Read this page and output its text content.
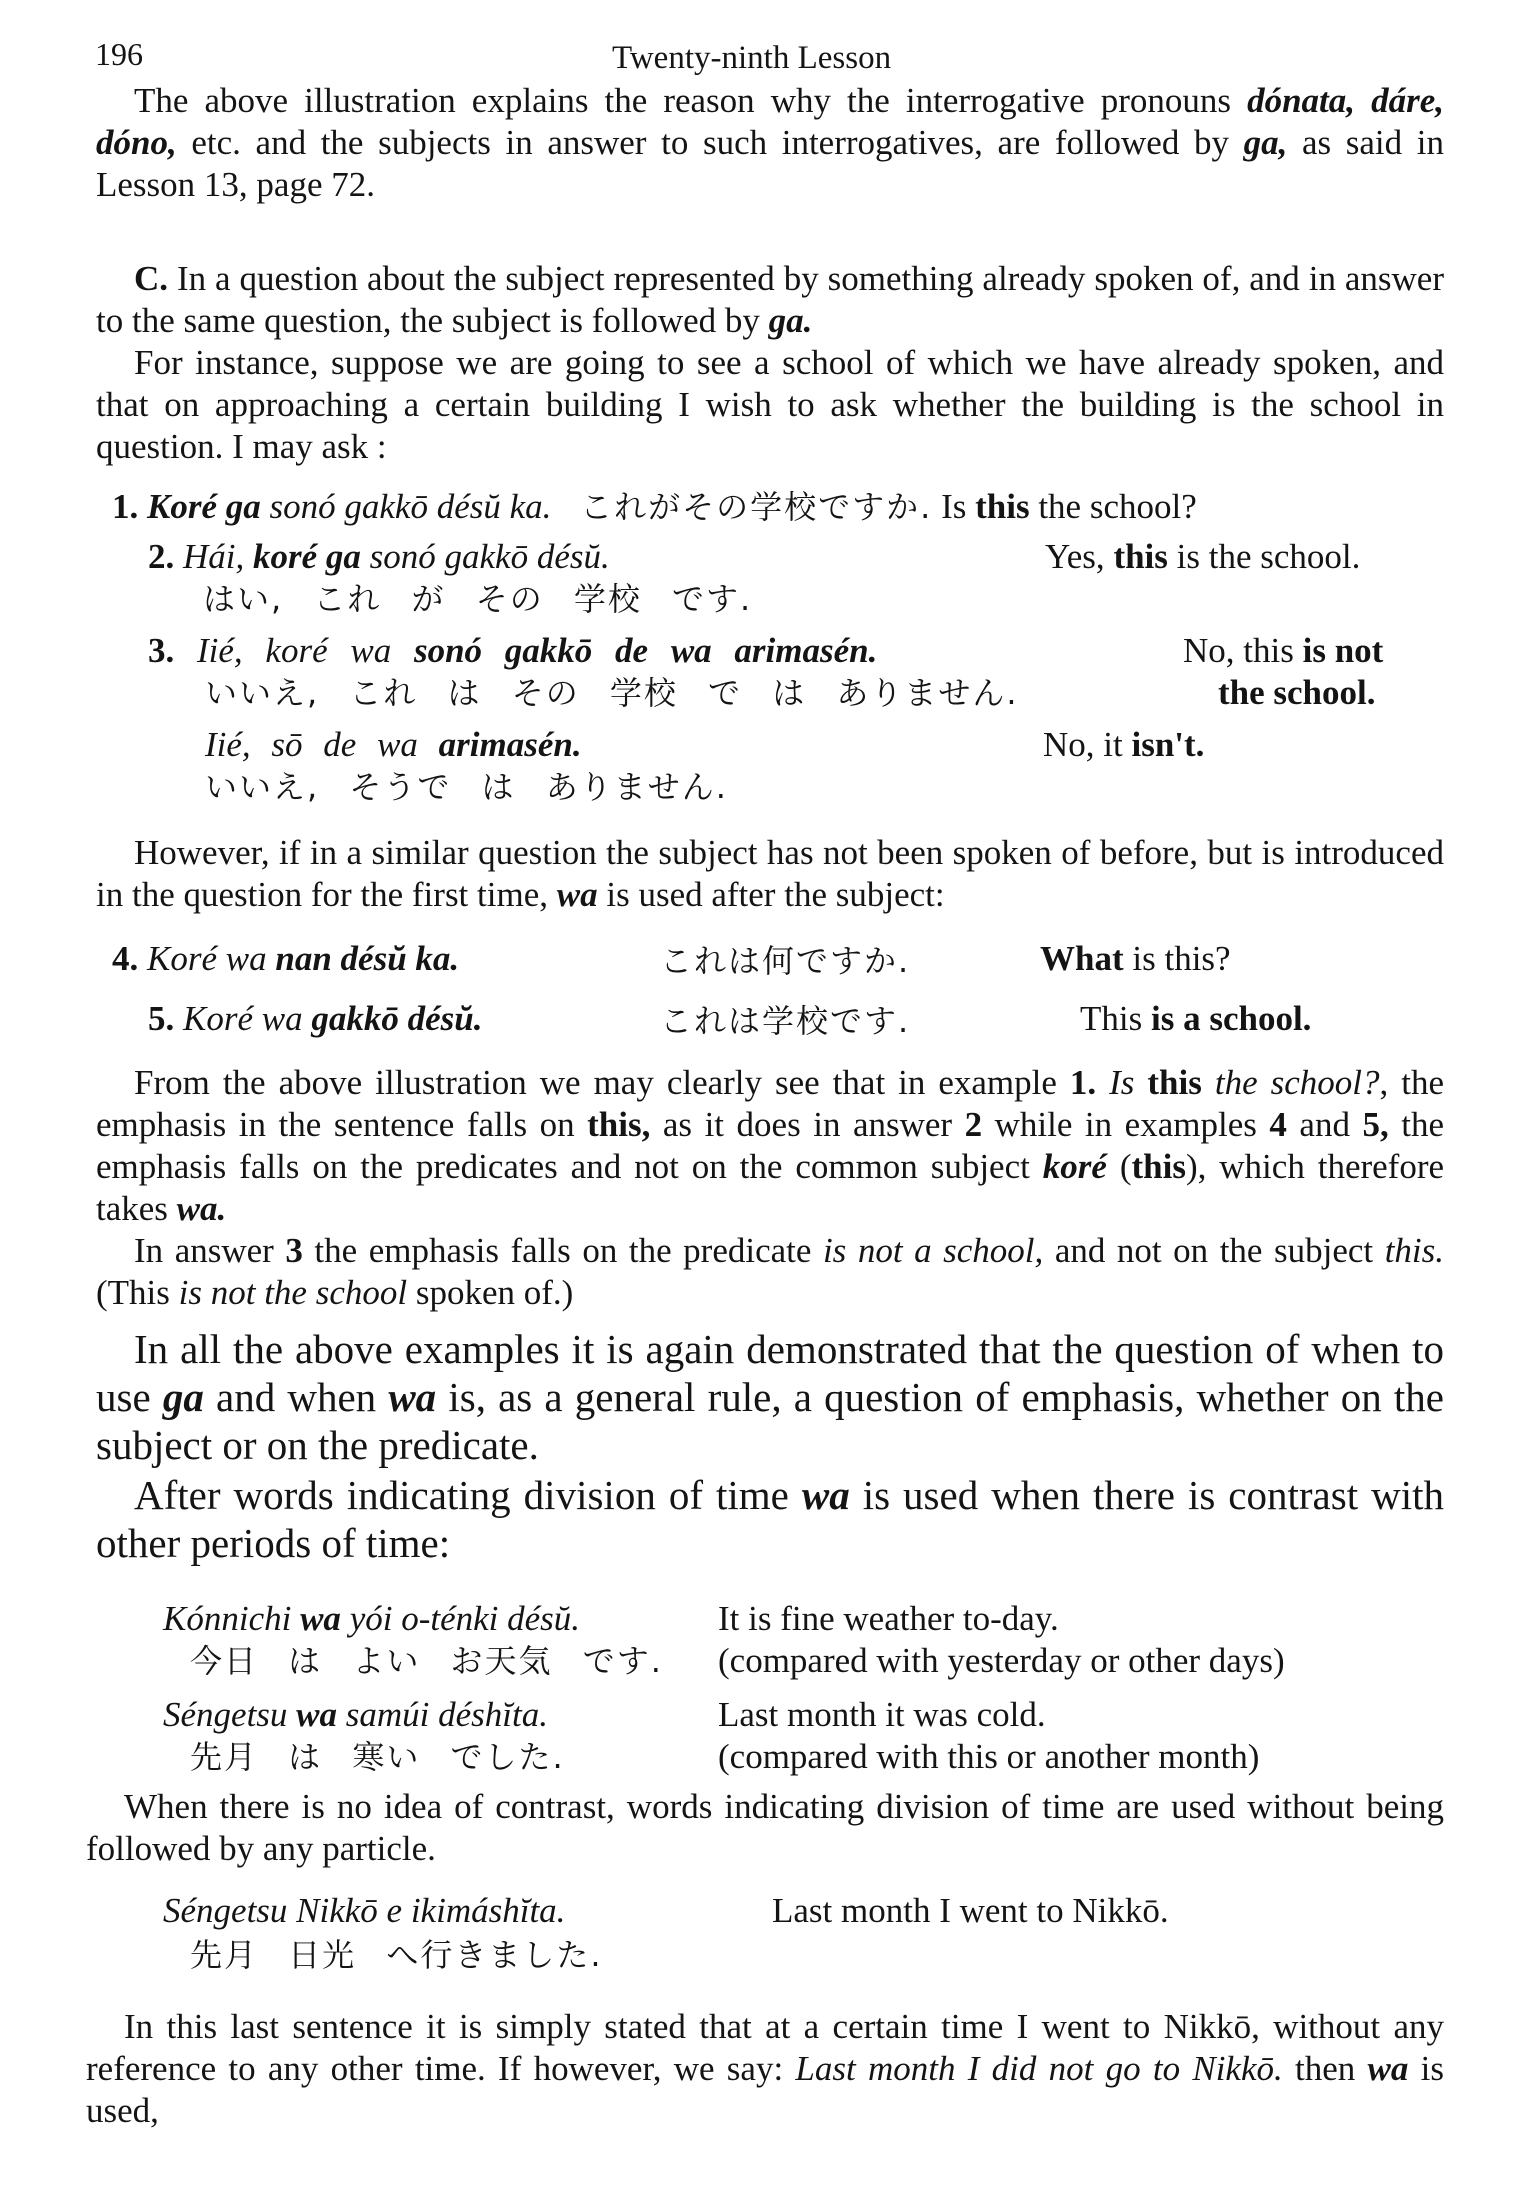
196	Twenty-ninth Lesson
The above illustration explains the reason why the interrogative pronouns dónata, dáre, dóno, etc. and the subjects in answer to such interrogatives, are followed by ga, as said in Lesson 13, page 72.
C. In a question about the subject represented by something already spoken of, and in answer to the same question, the subject is followed by ga.
For instance, suppose we are going to see a school of which we have already spoken, and that on approaching a certain building I wish to ask whether the building is the school in question. I may ask :
1. Koré ga sonó gakkō désŭ ka. これがその学校ですか. Is this the school?
2. Hái, koré ga sonó gakkō désŭ.	Yes, this is the school.
はい, これ が その 学校 です.
3. Iié, koré wa sonó gakkō de wa arimasén.	No, this is not
いいえ, これ は その 学校 で は ありません.	the school.
Iié, sō de wa arimasén.	No, it isn't.
いいえ, そうで は ありません.
However, if in a similar question the subject has not been spoken of before, but is introduced in the question for the first time, wa is used after the subject:
4. Koré wa nan désŭ ka.	これは何ですか.	What is this?
5. Koré wa gakkō désŭ.	これは学校です.	This is a school.
From the above illustration we may clearly see that in example 1. Is this the school?, the emphasis in the sentence falls on this, as it does in answer 2 while in examples 4 and 5, the emphasis falls on the predicates and not on the common subject koré (this), which therefore takes wa.
In answer 3 the emphasis falls on the predicate is not a school, and not on the subject this. (This is not the school spoken of.)
In all the above examples it is again demonstrated that the question of when to use ga and when wa is, as a general rule, a question of emphasis, whether on the subject or on the predicate.
After words indicating division of time wa is used when there is contrast with other periods of time:
Kónnichi wa yói o-ténki désŭ.	It is fine weather to-day.
今日 は よい お天気 です. (compared with yesterday or other days)
Séngetsu wa samúi déshĭta.	Last month it was cold.
先月 は 寒い でした.	(compared with this or another month)
When there is no idea of contrast, words indicating division of time are used without being followed by any particle.
Séngetsu Nikkō e ikimáshĭta.	Last month I went to Nikkō.
先月 日光 へ行きました.
In this last sentence it is simply stated that at a certain time I went to Nikkō, without any reference to any other time. If however, we say: Last month I did not go to Nikkō. then wa is used,
